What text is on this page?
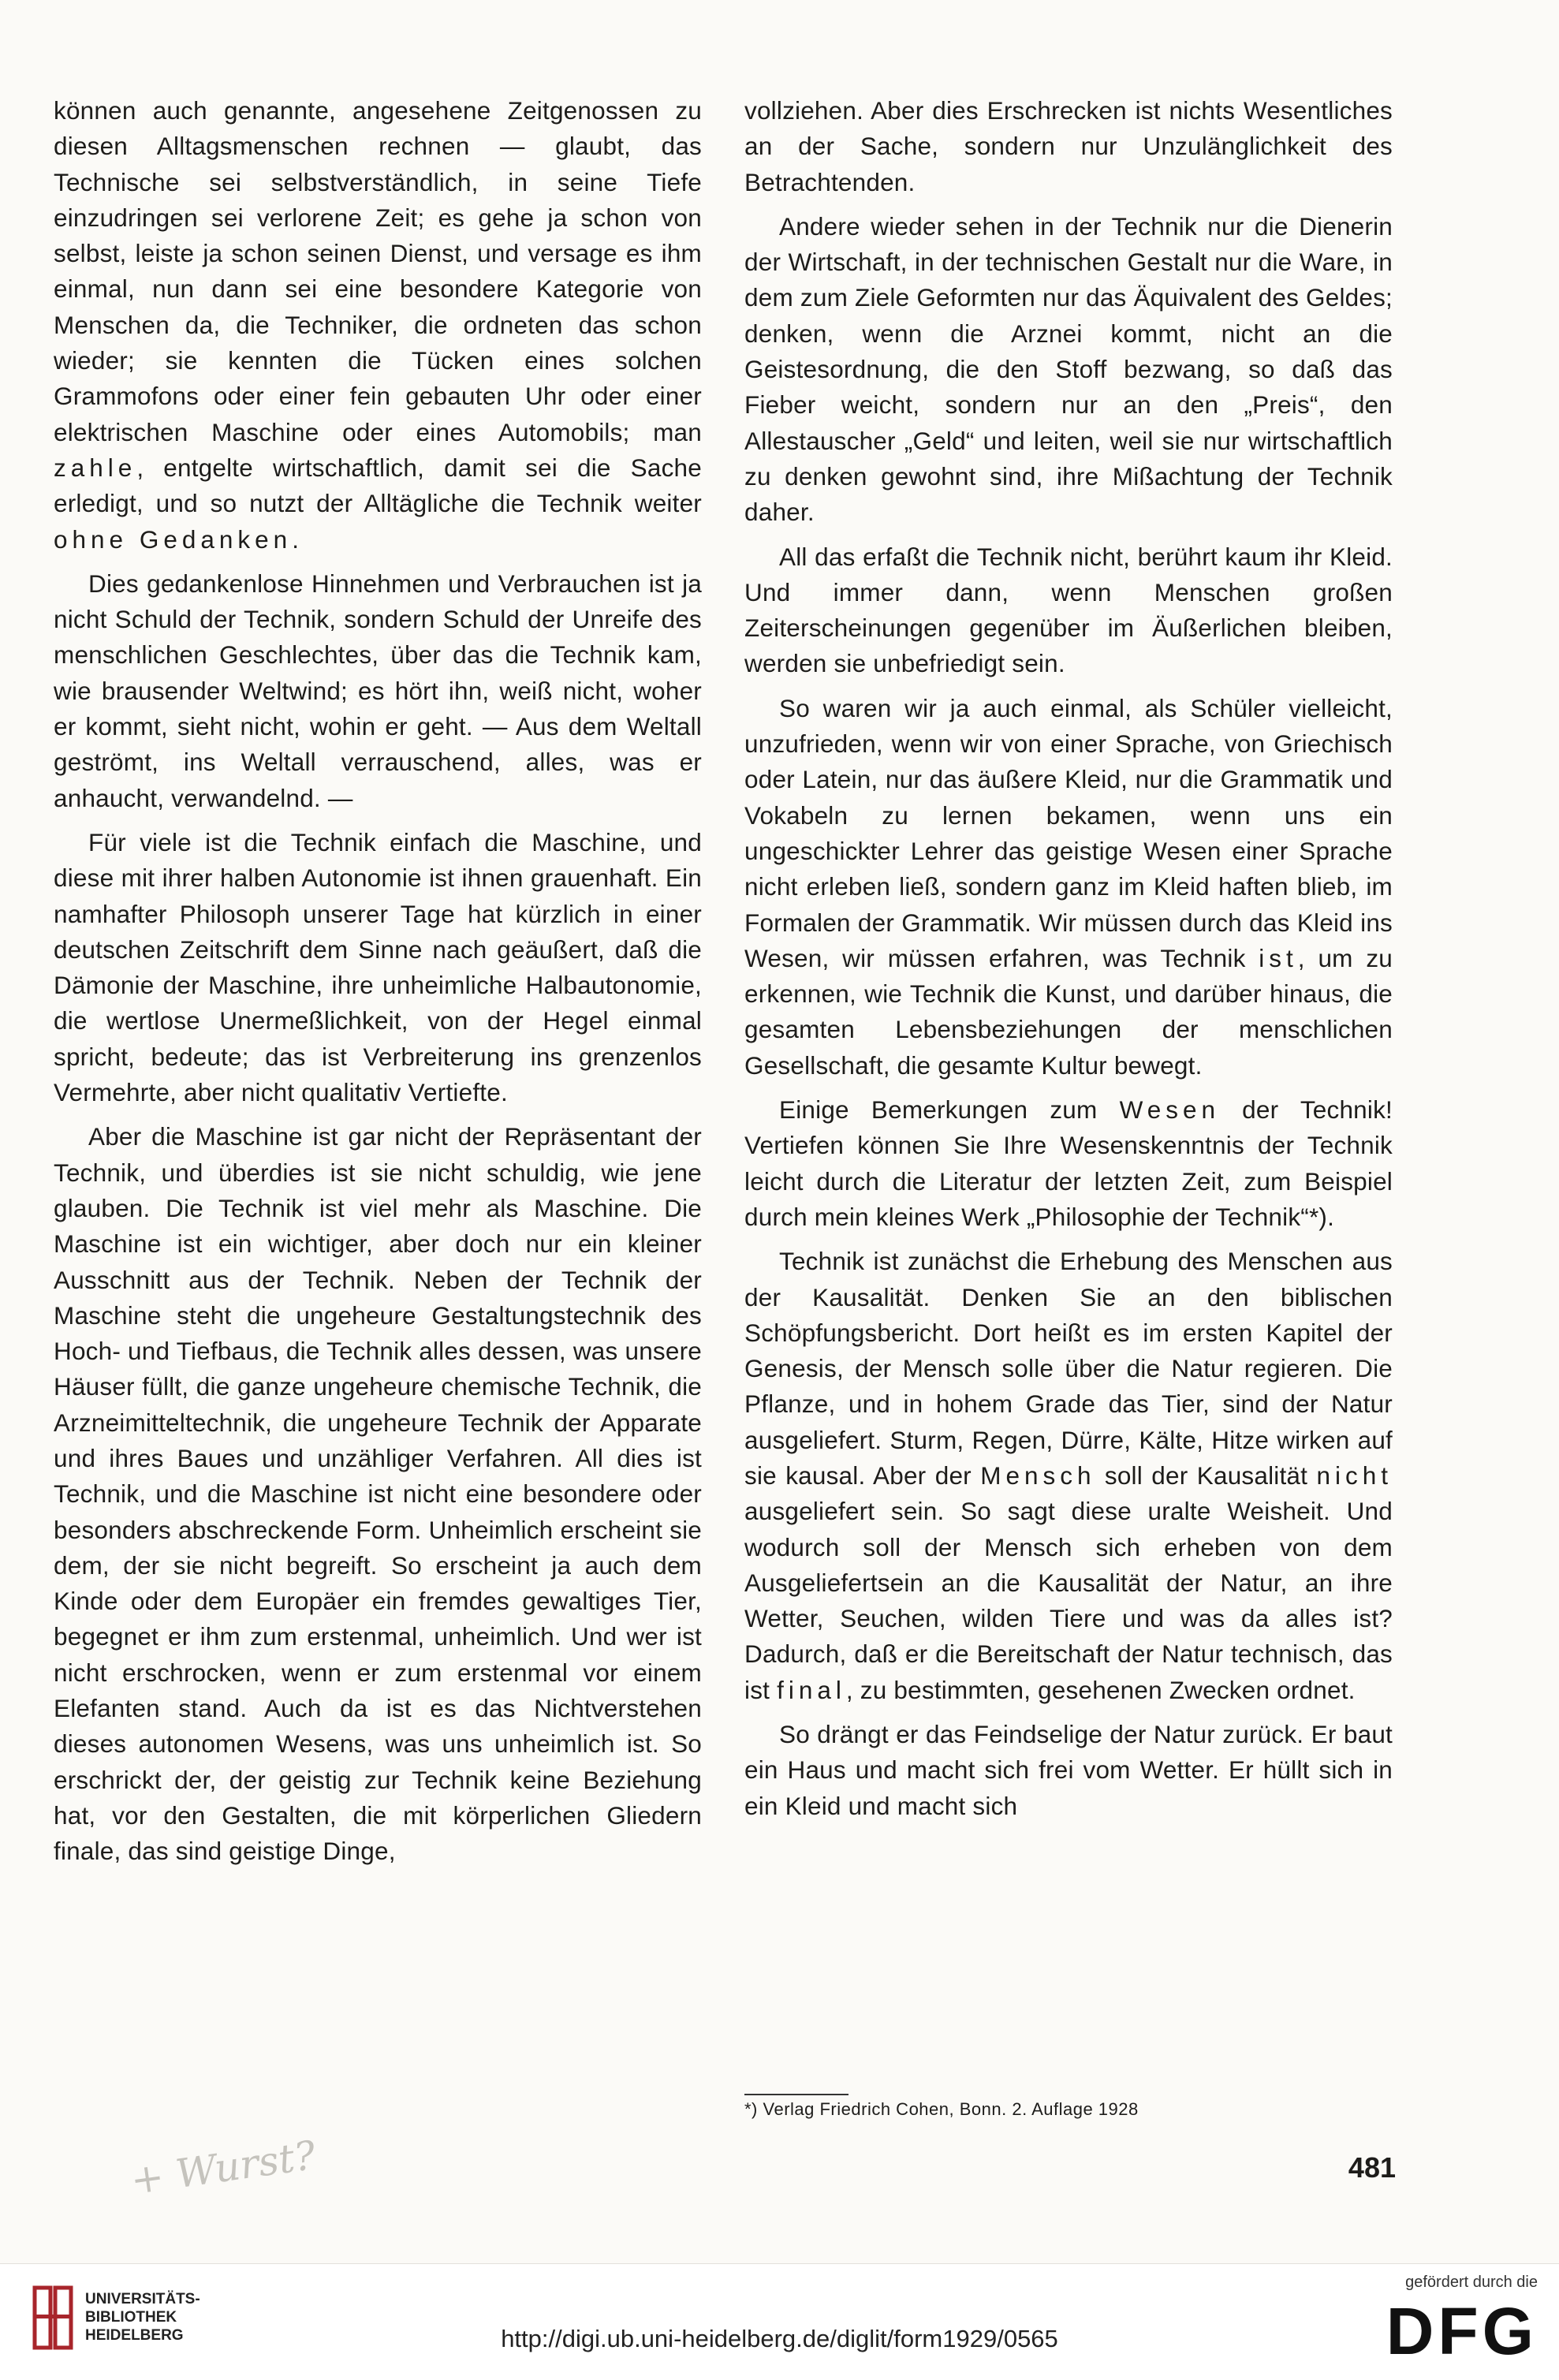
können auch genannte, angesehene Zeitgenossen zu diesen Alltagsmenschen rechnen — glaubt, das Technische sei selbstverständlich, in seine Tiefe einzudringen sei verlorene Zeit; es gehe ja schon von selbst, leiste ja schon seinen Dienst, und versage es ihm einmal, nun dann sei eine besondere Kategorie von Menschen da, die Techniker, die ordneten das schon wieder; sie kennten die Tücken eines solchen Grammofons oder einer fein gebauten Uhr oder einer elektrischen Maschine oder eines Automobils; man zahle, entgelte wirtschaftlich, damit sei die Sache erledigt, und so nutzt der Alltägliche die Technik weiter ohne Gedanken.

Dies gedankenlose Hinnehmen und Verbrauchen ist ja nicht Schuld der Technik, sondern Schuld der Unreife des menschlichen Geschlechtes, über das die Technik kam, wie brausender Weltwind; es hört ihn, weiß nicht, woher er kommt, sieht nicht, wohin er geht. — Aus dem Weltall geströmt, ins Weltall verrauschend, alles, was er anhaucht, verwandelnd. —

Für viele ist die Technik einfach die Maschine, und diese mit ihrer halben Autonomie ist ihnen grauenhaft. Ein namhafter Philosoph unserer Tage hat kürzlich in einer deutschen Zeitschrift dem Sinne nach geäußert, daß die Dämonie der Maschine, ihre unheimliche Halbautonomie, die wertlose Unermeßlichkeit, von der Hegel einmal spricht, bedeute; das ist Verbreiterung ins grenzenlos Vermehrte, aber nicht qualitativ Vertiefte.

Aber die Maschine ist gar nicht der Repräsentant der Technik, und überdies ist sie nicht schuldig, wie jene glauben. Die Technik ist viel mehr als Maschine. Die Maschine ist ein wichtiger, aber doch nur ein kleiner Ausschnitt aus der Technik. Neben der Technik der Maschine steht die ungeheure Gestaltungstechnik des Hoch- und Tiefbaus, die Technik alles dessen, was unsere Häuser füllt, die ganze ungeheure chemische Technik, die Arzneimitteltechnik, die ungeheure Technik der Apparate und ihres Baues und unzähliger Verfahren. All dies ist Technik, und die Maschine ist nicht eine besondere oder besonders abschreckende Form. Unheimlich erscheint sie dem, der sie nicht begreift. So erscheint ja auch dem Kinde oder dem Europäer ein fremdes gewaltiges Tier, begegnet er ihm zum erstenmal, unheimlich. Und wer ist nicht erschrocken, wenn er zum erstenmal vor einem Elefanten stand. Auch da ist es das Nichtverstehen dieses autonomen Wesens, was uns unheimlich ist. So erschrickt der, der geistig zur Technik keine Beziehung hat, vor den Gestalten, die mit körperlichen Gliedern finale, das sind geistige Dinge,

vollziehen. Aber dies Erschrecken ist nichts Wesentliches an der Sache, sondern nur Unzulänglichkeit des Betrachtenden.

Andere wieder sehen in der Technik nur die Dienerin der Wirtschaft, in der technischen Gestalt nur die Ware, in dem zum Ziele Geformten nur das Äquivalent des Geldes; denken, wenn die Arznei kommt, nicht an die Geistesordnung, die den Stoff bezwang, so daß das Fieber weicht, sondern nur an den „Preis“, den Allestauscher „Geld“ und leiten, weil sie nur wirtschaftlich zu denken gewohnt sind, ihre Mißachtung der Technik daher.

All das erfaßt die Technik nicht, berührt kaum ihr Kleid. Und immer dann, wenn Menschen großen Zeiterscheinungen gegenüber im Äußerlichen bleiben, werden sie unbefriedigt sein.

So waren wir ja auch einmal, als Schüler vielleicht, unzufrieden, wenn wir von einer Sprache, von Griechisch oder Latein, nur das äußere Kleid, nur die Grammatik und Vokabeln zu lernen bekamen, wenn uns ein ungeschickter Lehrer das geistige Wesen einer Sprache nicht erleben ließ, sondern ganz im Kleid haften blieb, im Formalen der Grammatik. Wir müssen durch das Kleid ins Wesen, wir müssen erfahren, was Technik ist, um zu erkennen, wie Technik die Kunst, und darüber hinaus, die gesamten Lebensbeziehungen der menschlichen Gesellschaft, die gesamte Kultur bewegt.

Einige Bemerkungen zum Wesen der Technik! Vertiefen können Sie Ihre Wesenskenntnis der Technik leicht durch die Literatur der letzten Zeit, zum Beispiel durch mein kleines Werk „Philosophie der Technik“*).

Technik ist zunächst die Erhebung des Menschen aus der Kausalität. Denken Sie an den biblischen Schöpfungsbericht. Dort heißt es im ersten Kapitel der Genesis, der Mensch solle über die Natur regieren. Die Pflanze, und in hohem Grade das Tier, sind der Natur ausgeliefert. Sturm, Regen, Dürre, Kälte, Hitze wirken auf sie kausal. Aber der Mensch soll der Kausalität nicht ausgeliefert sein. So sagt diese uralte Weisheit. Und wodurch soll der Mensch sich erheben von dem Ausgeliefertsein an die Kausalität der Natur, an ihre Wetter, Seuchen, wilden Tiere und was da alles ist? Dadurch, daß er die Bereitschaft der Natur technisch, das ist final, zu bestimmten, gesehenen Zwecken ordnet.

So drängt er das Feindselige der Natur zurück. Er baut ein Haus und macht sich frei vom Wetter. Er hüllt sich in ein Kleid und macht sich

*) Verlag Friedrich Cohen, Bonn. 2. Auflage 1928
481
+ Wurst?
UNIVERSITÄTS-
BIBLIOTHEK
HEIDELBERG	http://digi.ub.uni-heidelberg.de/diglit/form1929/0565
gefördert durch die
DFG
